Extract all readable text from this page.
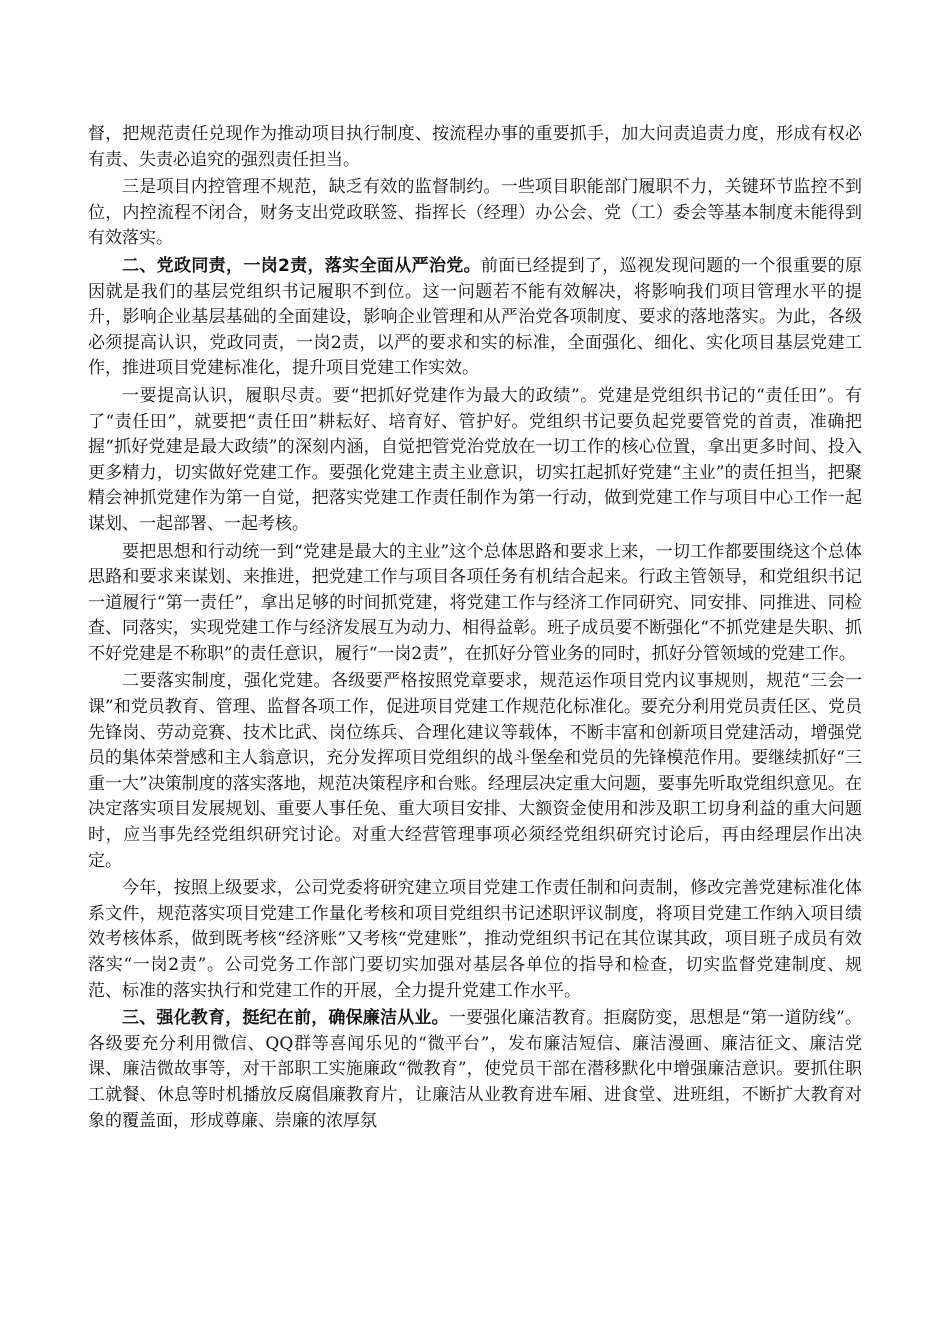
督，把规范责任兑现作为推动项目执行制度、按流程办事的重要抓手，加大问责追责力度，形成有权必有责、失责必追究的强烈责任担当。

三是项目内控管理不规范，缺乏有效的监督制约。一些项目职能部门履职不力，关键环节监控不到位，内控流程不闭合，财务支出党政联签、指挥长（经理）办公会、党（工）委会等基本制度未能得到有效落实。

二、党政同责，一岗2责，落实全面从严治党。前面已经提到了，巡视发现问题的一个很重要的原因就是我们的基层党组织书记履职不到位。这一问题若不能有效解决，将影响我们项目管理水平的提升，影响企业基层基础的全面建设，影响企业管理和从严治党各项制度、要求的落地落实。为此，各级必须提高认识，党政同责，一岗2责，以严的要求和实的标准，全面强化、细化、实化项目基层党建工作，推进项目党建标准化，提升项目党建工作实效。

一要提高认识，履职尽责。要“把抓好党建作为最大的政绩”。党建是党组织书记的“责任田”。有了“责任田”，就要把“责任田”耕耘好、培育好、管护好。党组织书记要负起党要管党的首责，准确把握“抓好党建是最大政绩”的深刻内涵，自觉把管党治党放在一切工作的核心位置，拿出更多时间、投入更多精力，切实做好党建工作。要强化党建主责主业意识，切实扛起抓好党建“主业”的责任担当，把聚精会神抓党建作为第一自觉，把落实党建工作责任制作为第一行动，做到党建工作与项目中心工作一起谋划、一起部署、一起考核。

要把思想和行动统一到“党建是最大的主业”这个总体思路和要求上来，一切工作都要围绕这个总体思路和要求来谋划、来推进，把党建工作与项目各项任务有机结合起来。行政主管领导，和党组织书记一道履行“第一责任”，拿出足够的时间抓党建，将党建工作与经济工作同研究、同安排、同推进、同检查、同落实，实现党建工作与经济发展互为动力、相得益彰。班子成员要不断强化“不抓党建是失职、抓不好党建是不称职”的责任意识，履行“一岗2责”，在抓好分管业务的同时，抓好分管领域的党建工作。

二要落实制度，强化党建。各级要严格按照党章要求，规范运作项目党内议事规则，规范“三会一课”和党员教育、管理、监督各项工作，促进项目党建工作规范化标准化。要充分利用党员责任区、党员先锋岗、劳动竞赛、技术比武、岗位练兵、合理化建议等载体，不断丰富和创新项目党建活动，增强党员的集体荣誉感和主人翁意识，充分发挥项目党组织的战斗堡垒和党员的先锋模范作用。要继续抓好“三重一大”决策制度的落实落地，规范决策程序和台账。经理层决定重大问题，要事先听取党组织意见。在决定落实项目发展规划、重要人事任免、重大项目安排、大额资金使用和涉及职工切身利益的重大问题时，应当事先经党组织研究讨论。对重大经营管理事项必须经党组织研究讨论后，再由经理层作出决定。

今年，按照上级要求，公司党委将研究建立项目党建工作责任制和问责制，修改完善党建标准化体系文件，规范落实项目党建工作量化考核和项目党组织书记述职评议制度，将项目党建工作纳入项目绩效考核体系，做到既考核“经济账”又考核“党建账”，推动党组织书记在其位谋其政，项目班子成员有效落实“一岗2责”。公司党务工作部门要切实加强对基层各单位的指导和检查，切实监督党建制度、规范、标准的落实执行和党建工作的开展，全力提升党建工作水平。

三、强化教育，挺纪在前，确保廉洁从业。一要强化廉洁教育。拒腐防变，思想是“第一道防线”。各级要充分利用微信、QQ群等喜闻乐见的“微平台”，发布廉洁短信、廉洁漫画、廉洁征文、廉洁党课、廉洁微故事等，对干部职工实施廉政“微教育”，使党员干部在潜移默化中增强廉洁意识。要抓住职工就餐、休息等时机播放反腐倡廉教育片，让廉洁从业教育进车厢、进食堂、进班组，不断扩大教育对象的覆盖面，形成尊廉、崇廉的浓厚氛
